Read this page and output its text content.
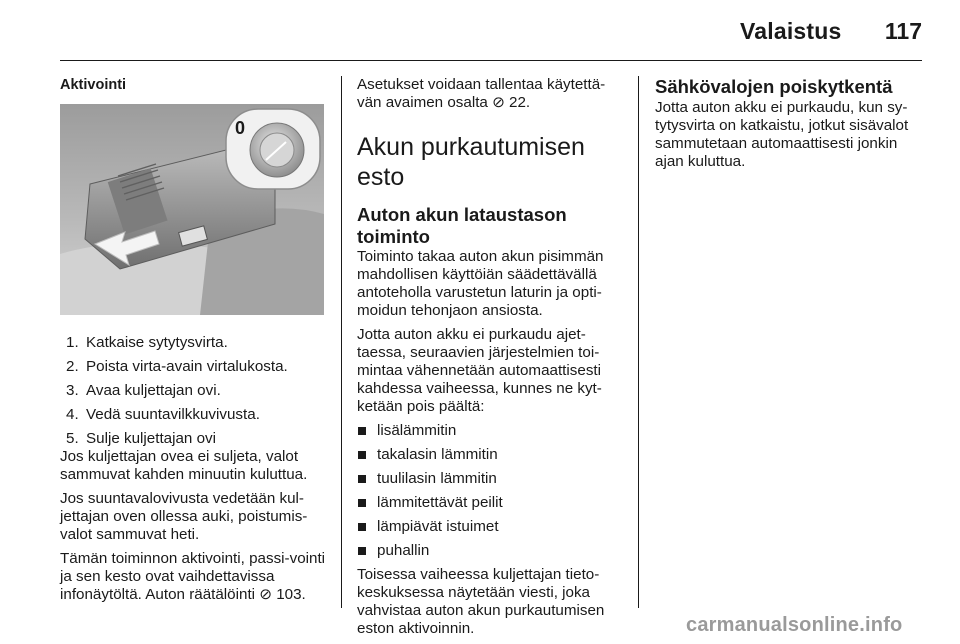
Valaistus 117

Aktivointi

0
1. Katkaise sytytysvirta.
2. Poista virta-avain virtalukosta.
3. Avaa kuljettajan ovi.
4. Vedä suuntavilkkuvivusta.
5. Sulje kuljettajan ovi

Jos kuljettajan ovea ei suljeta, valot sammuvat kahden minuutin kuluttua.

Jos suuntavalovivusta vedetään kul-jettajan oven ollessa auki, poistumis-valot sammuvat heti.

Tämän toiminnon aktivointi, passi-vointi ja sen kesto ovat vaihdettavissa infonäytöltä. Auton räätälöinti ⊘ 103.

Asetukset voidaan tallentaa käytettä-vän avaimen osalta ⊘ 22.

Akun purkautumisen esto
Auton akun lataustason toiminto

Toiminto takaa auton akun pisimmän mahdollisen käyttöiän säädettävällä antoteholla varustetun laturin ja opti-moidun tehonjaon ansiosta.

Jotta auton akku ei purkaudu ajet-taessa, seuraavien järjestelmien toi-mintaa vähennetään automaattisesti kahdessa vaiheessa, kunnes ne kyt-ketään pois päältä:

lisälämmitin
takalasin lämmitin
tuulilasin lämmitin
lämmitettävät peilit
lämpiävät istuimet
puhallin

Toisessa vaiheessa kuljettajan tieto-keskuksessa näytetään viesti, joka vahvistaa auton akun purkautumisen eston aktivoinnin.

Sähkövalojen poiskytkentä

Jotta auton akku ei purkaudu, kun sy-tytysvirta on katkaistu, jotkut sisävalot sammutetaan automaattisesti jonkin ajan kuluttua.

carmanualsonline.info
